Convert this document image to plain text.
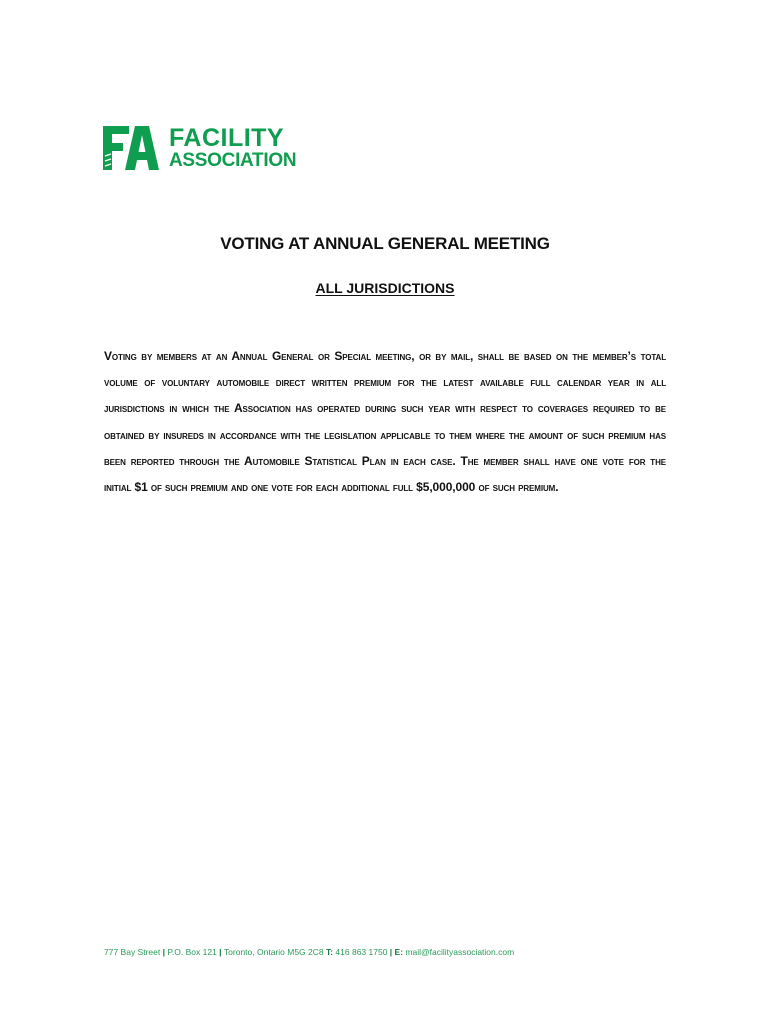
FACILITY
ASSOCIATION
VOTING AT ANNUAL GENERAL MEETING
ALL JURISDICTIONS

Voting by members at an Annual General or Special meeting, or by mail, shall be based on the member’s total volume of voluntary automobile direct written premium for the latest available full calendar year in all jurisdictions in which the Association has operated during such year with respect to coverages required to be obtained by insureds in accordance with the legislation applicable to them where the amount of such premium has been reported through the Automobile Statistical Plan in each case. The member shall have one vote for the initial $1 of such premium and one vote for each additional full $5,000,000 of such premium.

777 Bay Street | P.O. Box 121 | Toronto, Ontario M5G 2C8 T: 416 863 1750 | E: mail@facilityassociation.com
